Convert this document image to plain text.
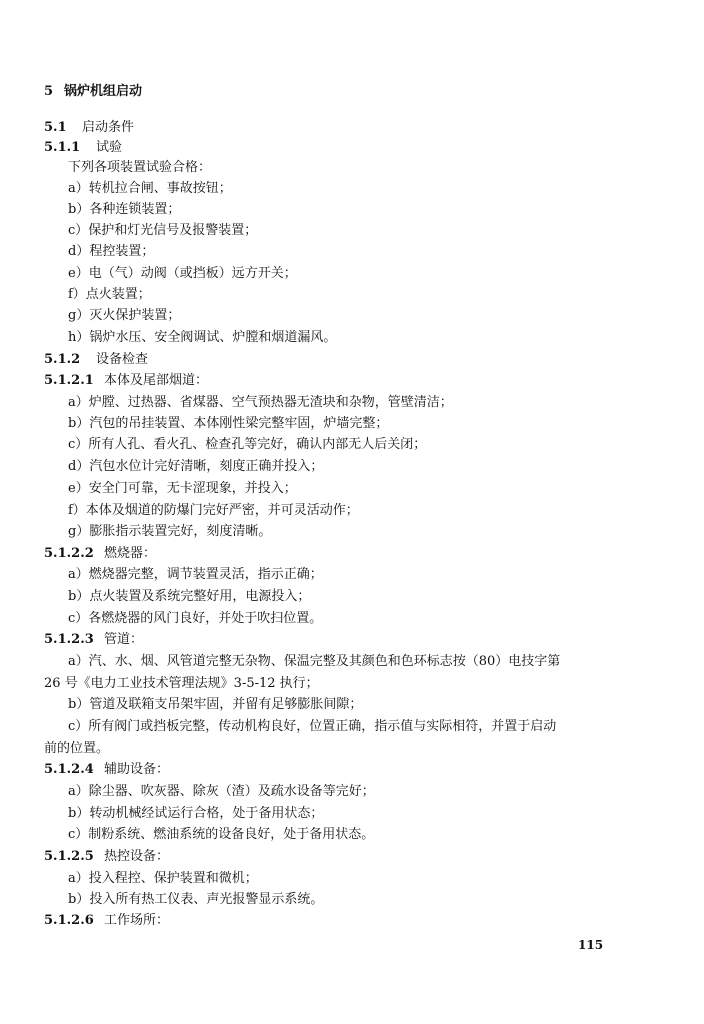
5 锅炉机组启动
5.1 启动条件
5.1.1 试验
下列各项装置试验合格：
a）转机拉合闸、事故按钮；
b）各种连锁装置；
c）保护和灯光信号及报警装置；
d）程控装置；
e）电（气）动阀（或挡板）远方开关；
f）点火装置；
g）灭火保护装置；
h）锅炉水压、安全阀调试、炉膛和烟道漏风。
5.1.2 设备检查
5.1.2.1 本体及尾部烟道：
a）炉膛、过热器、省煤器、空气预热器无渣块和杂物，管壁清洁；
b）汽包的吊挂装置、本体刚性梁完整牢固，炉墙完整；
c）所有人孔、看火孔、检查孔等完好，确认内部无人后关闭；
d）汽包水位计完好清晰，刻度正确并投入；
e）安全门可靠，无卡涩现象，并投入；
f）本体及烟道的防爆门完好严密，并可灵活动作；
g）膨胀指示装置完好，刻度清晰。
5.1.2.2 燃烧器：
a）燃烧器完整，调节装置灵活，指示正确；
b）点火装置及系统完整好用，电源投入；
c）各燃烧器的风门良好，并处于吹扫位置。
5.1.2.3 管道：
a）汽、水、烟、风管道完整无杂物、保温完整及其颜色和色环标志按（80）电技字第
26 号《电力工业技术管理法规》3-5-12 执行；
b）管道及联箱支吊架牢固，并留有足够膨胀间隙；
c）所有阀门或挡板完整，传动机构良好，位置正确，指示值与实际相符，并置于启动
前的位置。
5.1.2.4 辅助设备：
a）除尘器、吹灰器、除灰（渣）及疏水设备等完好；
b）转动机械经试运行合格，处于备用状态；
c）制粉系统、燃油系统的设备良好，处于备用状态。
5.1.2.5 热控设备：
a）投入程控、保护装置和微机；
b）投入所有热工仪表、声光报警显示系统。
5.1.2.6 工作场所：
115
